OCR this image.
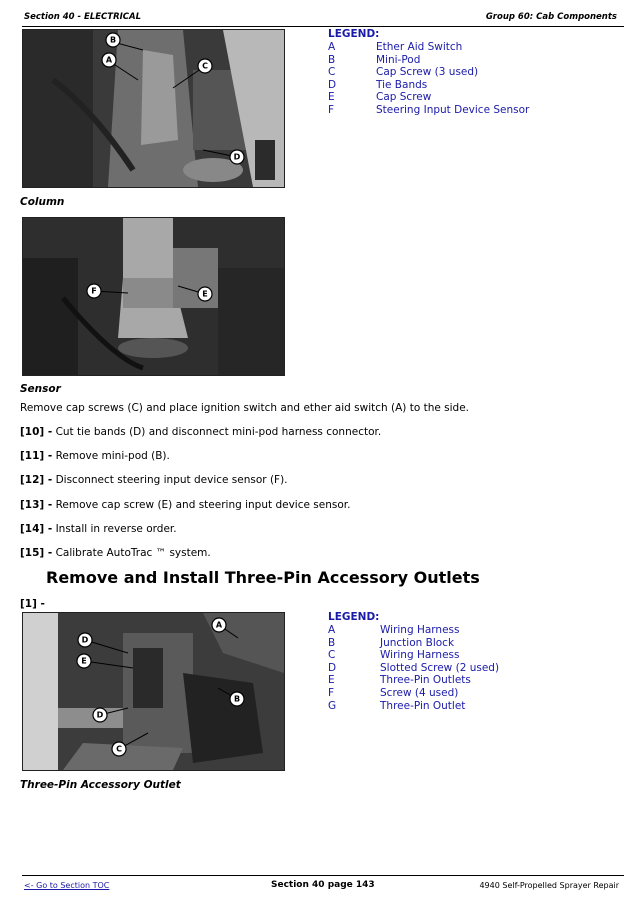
Section 40 - ELECTRICAL	Group 60: Cab Components
B
A
C
D
LEGEND:
A	Ether Aid Switch
B	Mini-Pod
C	Cap Screw (3 used)
D	Tie Bands
E	Cap Screw
F	Steering Input Device Sensor
Column
F	E
Sensor
Remove cap screws (C) and place ignition switch and ether aid switch (A) to the side.
[10] - Cut tie bands (D) and disconnect mini-pod harness connector.
[11] - Remove mini-pod (B).
[12] - Disconnect steering input device sensor (F).
[13] - Remove cap screw (E) and steering input device sensor.
[14] - Install in reverse order.
[15] - Calibrate AutoTrac ™ system.
Remove and Install Three-Pin Accessory Outlets
[1] -
D
E
A
B
D
C
LEGEND:
A	Wiring Harness
B	Junction Block
C	Wiring Harness
D	Slotted Screw (2 used)
E	Three-Pin Outlets
F	Screw (4 used)
G	Three-Pin Outlet
Three-Pin Accessory Outlet
<- Go to Section TOC	Section 40 page 143	4940 Self-Propelled Sprayer Repair
